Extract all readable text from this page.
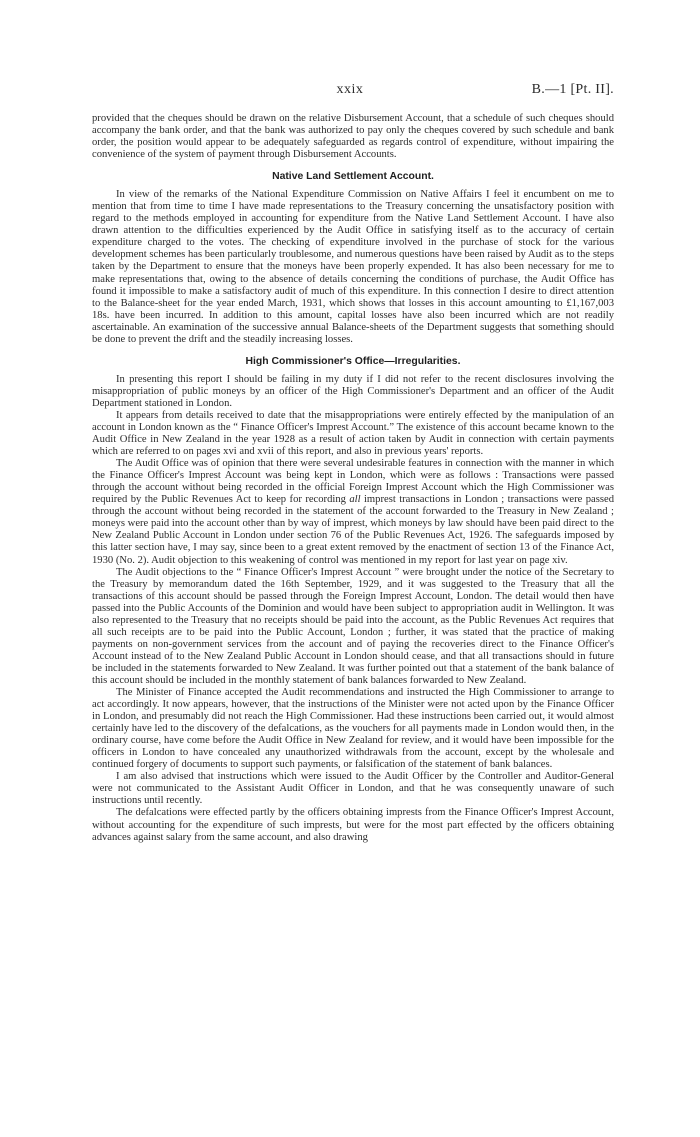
xxix	B.—1 [Pt. II].

provided that the cheques should be drawn on the relative Disbursement Account, that a schedule of such cheques should accompany the bank order, and that the bank was authorized to pay only the cheques covered by such schedule and bank order, the position would appear to be adequately safeguarded as regards control of expenditure, without impairing the convenience of the system of payment through Disbursement Accounts.

Native Land Settlement Account.

In view of the remarks of the National Expenditure Commission on Native Affairs I feel it encumbent on me to mention that from time to time I have made representations to the Treasury concerning the unsatisfactory position with regard to the methods employed in accounting for expenditure from the Native Land Settlement Account. I have also drawn attention to the difficulties experienced by the Audit Office in satisfying itself as to the accuracy of certain expenditure charged to the votes. The checking of expenditure involved in the purchase of stock for the various development schemes has been particularly troublesome, and numerous questions have been raised by Audit as to the steps taken by the Department to ensure that the moneys have been properly expended. It has also been necessary for me to make representations that, owing to the absence of details concerning the conditions of purchase, the Audit Office has found it impossible to make a satisfactory audit of much of this expenditure. In this connection I desire to direct attention to the Balance-sheet for the year ended March, 1931, which shows that losses in this account amounting to £1,167,003 18s. have been incurred. In addition to this amount, capital losses have also been incurred which are not readily ascertainable. An examination of the successive annual Balance-sheets of the Department suggests that something should be done to prevent the drift and the steadily increasing losses.

High Commissioner's Office—Irregularities.

In presenting this report I should be failing in my duty if I did not refer to the recent disclosures involving the misappropriation of public moneys by an officer of the High Commissioner's Department and an officer of the Audit Department stationed in London.

It appears from details received to date that the misappropriations were entirely effected by the manipulation of an account in London known as the “ Finance Officer's Imprest Account.” The existence of this account became known to the Audit Office in New Zealand in the year 1928 as a result of action taken by Audit in connection with certain payments which are referred to on pages xvi and xvii of this report, and also in previous years' reports.

The Audit Office was of opinion that there were several undesirable features in connection with the manner in which the Finance Officer's Imprest Account was being kept in London, which were as follows : Transactions were passed through the account without being recorded in the official Foreign Imprest Account which the High Commissioner was required by the Public Revenues Act to keep for recording all imprest transactions in London ; transactions were passed through the account without being recorded in the statement of the account forwarded to the Treasury in New Zealand ; moneys were paid into the account other than by way of imprest, which moneys by law should have been paid direct to the New Zealand Public Account in London under section 76 of the Public Revenues Act, 1926. The safeguards imposed by this latter section have, I may say, since been to a great extent removed by the enactment of section 13 of the Finance Act, 1930 (No. 2). Audit objection to this weakening of control was mentioned in my report for last year on page xiv.

The Audit objections to the “ Finance Officer's Imprest Account ” were brought under the notice of the Secretary to the Treasury by memorandum dated the 16th September, 1929, and it was suggested to the Treasury that all the transactions of this account should be passed through the Foreign Imprest Account, London. The detail would then have passed into the Public Accounts of the Dominion and would have been subject to appropriation audit in Wellington. It was also represented to the Treasury that no receipts should be paid into the account, as the Public Revenues Act requires that all such receipts are to be paid into the Public Account, London ; further, it was stated that the practice of making payments on non-government services from the account and of paying the recoveries direct to the Finance Officer's Account instead of to the New Zealand Public Account in London should cease, and that all transactions should in future be included in the statements forwarded to New Zealand. It was further pointed out that a statement of the bank balance of this account should be included in the monthly statement of bank balances forwarded to New Zealand.

The Minister of Finance accepted the Audit recommendations and instructed the High Commissioner to arrange to act accordingly. It now appears, however, that the instructions of the Minister were not acted upon by the Finance Officer in London, and presumably did not reach the High Commissioner. Had these instructions been carried out, it would almost certainly have led to the discovery of the defalcations, as the vouchers for all payments made in London would then, in the ordinary course, have come before the Audit Office in New Zealand for review, and it would have been impossible for the officers in London to have concealed any unauthorized withdrawals from the account, except by the wholesale and continued forgery of documents to support such payments, or falsification of the statement of bank balances.

I am also advised that instructions which were issued to the Audit Officer by the Controller and Auditor-General were not communicated to the Assistant Audit Officer in London, and that he was consequently unaware of such instructions until recently.

The defalcations were effected partly by the officers obtaining imprests from the Finance Officer's Imprest Account, without accounting for the expenditure of such imprests, but were for the most part effected by the officers obtaining advances against salary from the same account, and also drawing
